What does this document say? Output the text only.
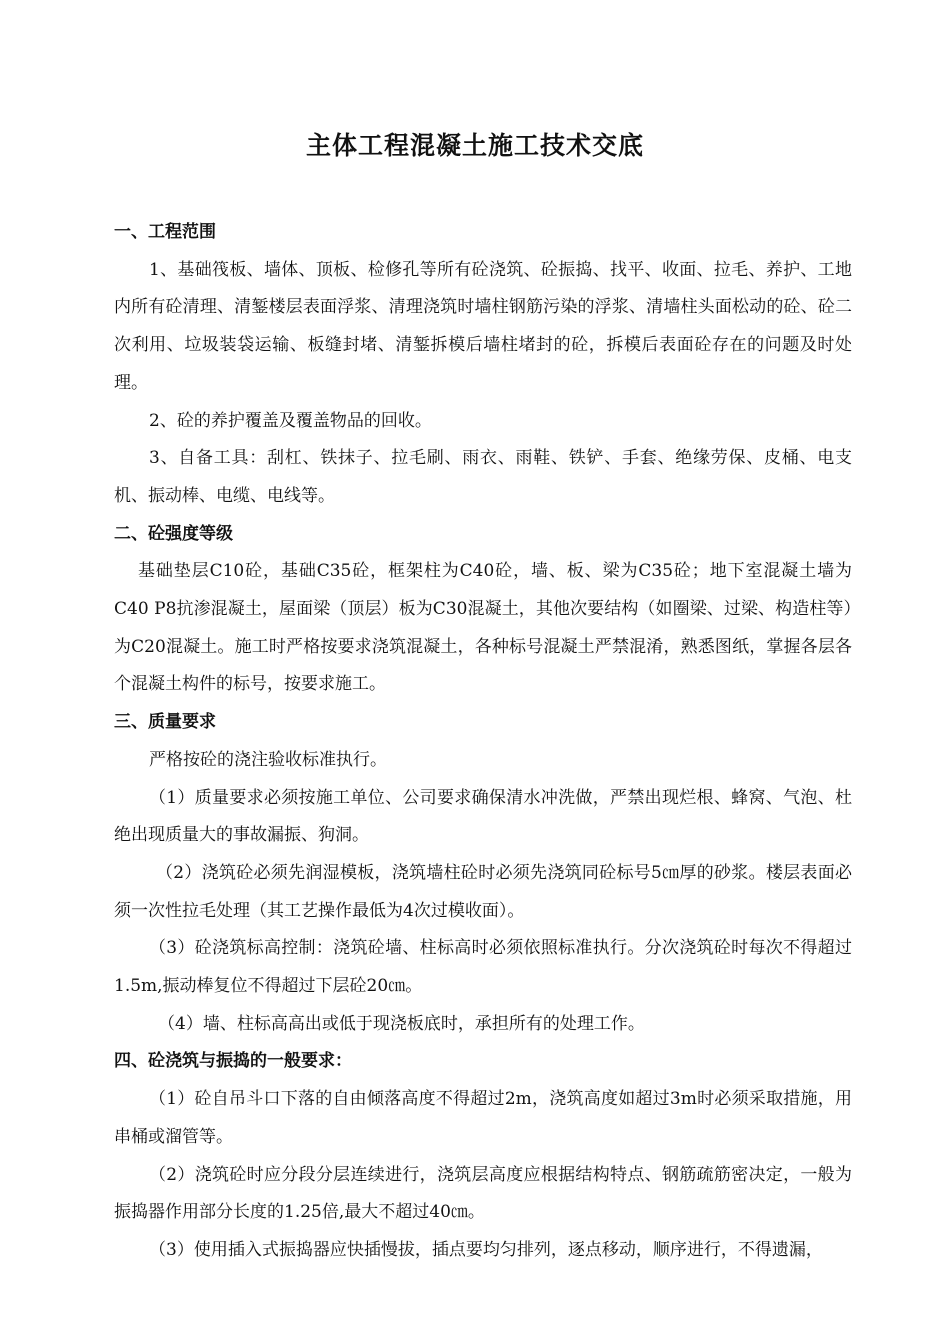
主体工程混凝土施工技术交底

一、工程范围

1、基础筏板、墙体、顶板、检修孔等所有砼浇筑、砼振捣、找平、收面、拉毛、养护、工地内所有砼清理、清錾楼层表面浮浆、清理浇筑时墙柱钢筋污染的浮浆、清墙柱头面松动的砼、砼二次利用、垃圾装袋运输、板缝封堵、清錾拆模后墙柱堵封的砼，拆模后表面砼存在的问题及时处理。

2、砼的养护覆盖及覆盖物品的回收。

3、自备工具：刮杠、铁抹子、拉毛刷、雨衣、雨鞋、铁铲、手套、绝缘劳保、皮桶、电支机、振动棒、电缆、电线等。

二、砼强度等级

基础垫层C10砼，基础C35砼，框架柱为C40砼，墙、板、梁为C35砼；地下室混凝土墙为C40 P8抗渗混凝土，屋面梁（顶层）板为C30混凝土，其他次要结构（如圈梁、过梁、构造柱等）为C20混凝土。施工时严格按要求浇筑混凝土，各种标号混凝土严禁混淆，熟悉图纸，掌握各层各个混凝土构件的标号，按要求施工。

三、质量要求

严格按砼的浇注验收标准执行。

（1）质量要求必须按施工单位、公司要求确保清水冲洗做，严禁出现烂根、蜂窝、气泡、杜绝出现质量大的事故漏振、狗洞。

（2）浇筑砼必须先润湿模板，浇筑墙柱砼时必须先浇筑同砼标号5㎝厚的砂浆。楼层表面必须一次性拉毛处理（其工艺操作最低为4次过模收面）。

（3）砼浇筑标高控制：浇筑砼墙、柱标高时必须依照标准执行。分次浇筑砼时每次不得超过1.5m,振动棒复位不得超过下层砼20㎝。

（4）墙、柱标高高出或低于现浇板底时，承担所有的处理工作。

四、砼浇筑与振捣的一般要求：

（1）砼自吊斗口下落的自由倾落高度不得超过2m，浇筑高度如超过3m时必须采取措施，用串桶或溜管等。

（2）浇筑砼时应分段分层连续进行，浇筑层高度应根据结构特点、钢筋疏筋密决定，一般为振捣器作用部分长度的1.25倍,最大不超过40㎝。

（3）使用插入式振捣器应快插慢拔，插点要均匀排列，逐点移动，顺序进行，不得遗漏，
